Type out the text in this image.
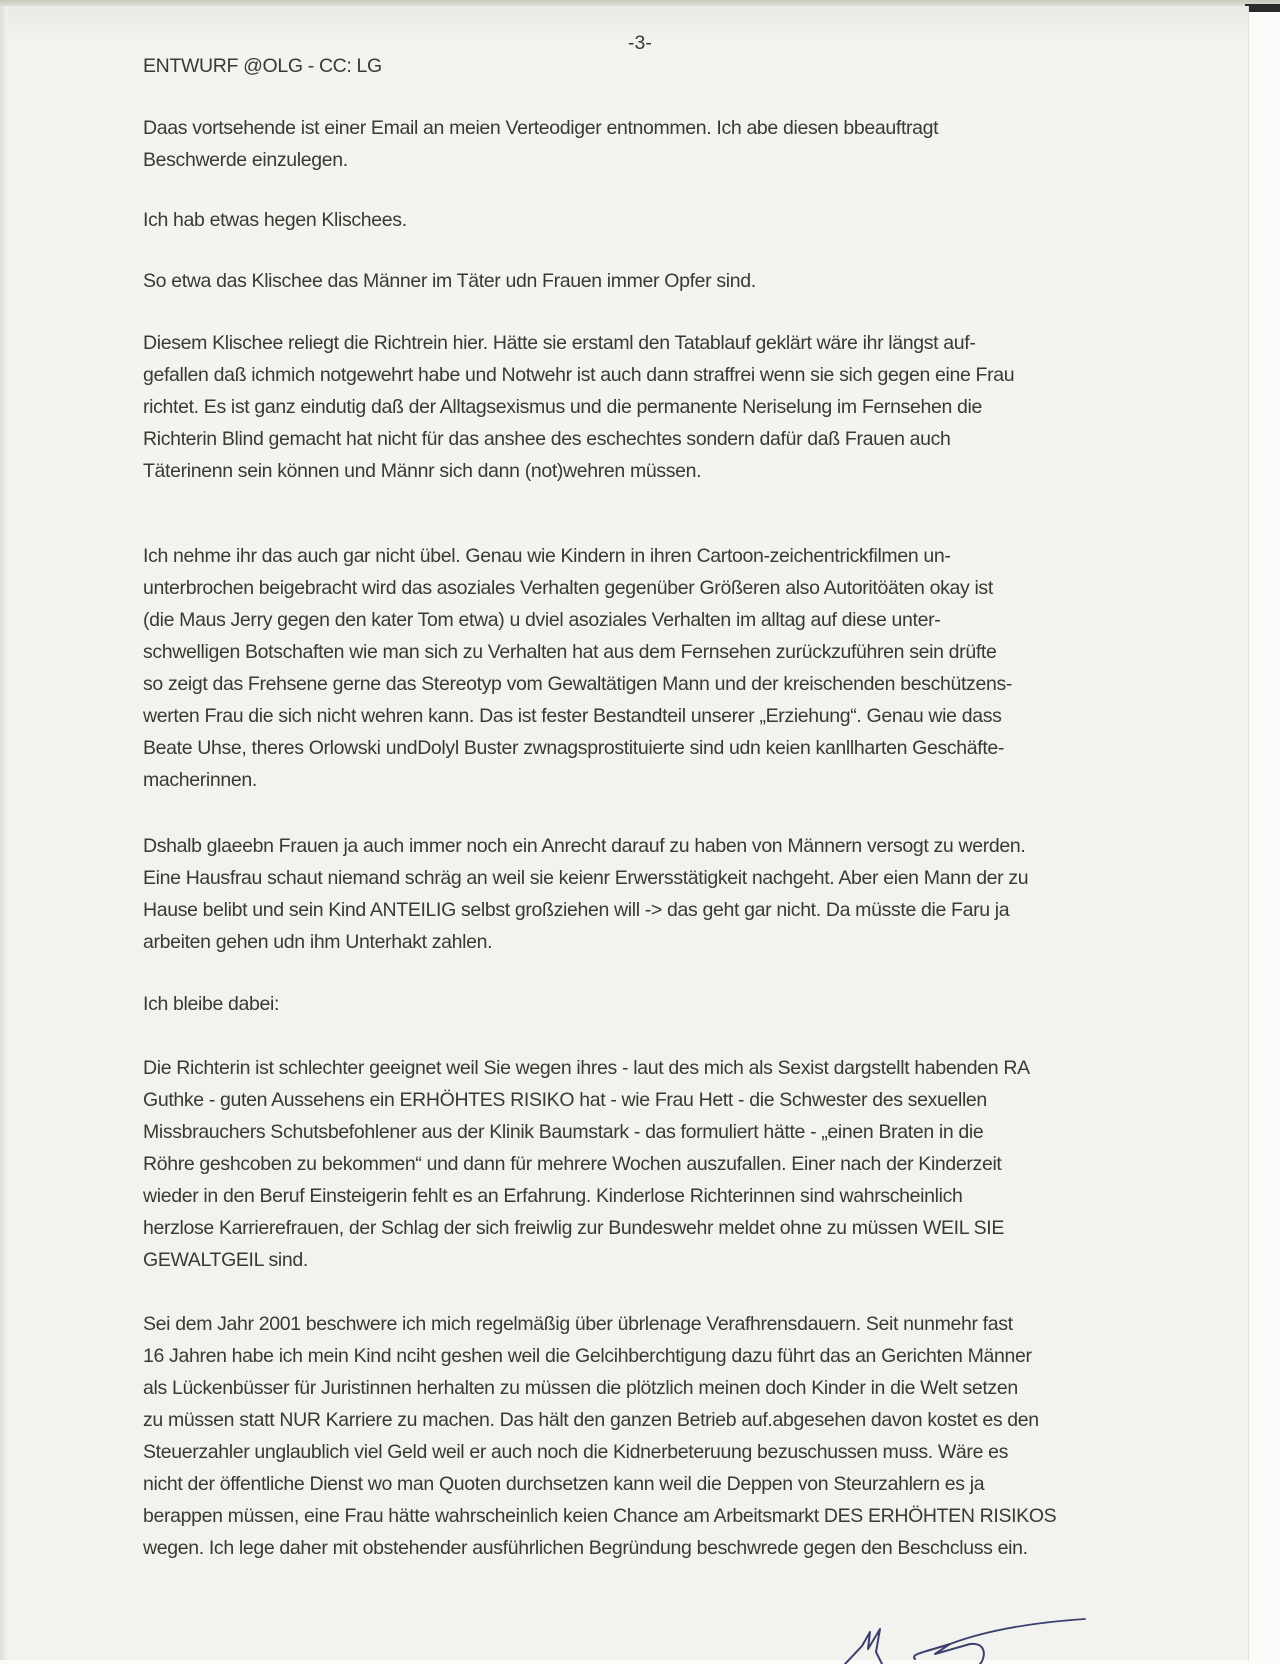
-3-
ENTWURF @OLG - CC: LG
Daas vortsehende ist einer Email an meien Verteodiger entnommen. Ich abe diesen bbeauftragt
Beschwerde einzulegen.
Ich hab etwas hegen Klischees.
So etwa das Klischee das Männer im Täter udn Frauen immer Opfer sind.
Diesem Klischee reliegt die Richtrein hier. Hätte sie erstaml den Tatablauf geklärt wäre ihr längst auf-
gefallen daß ichmich notgewehrt habe und Notwehr ist auch dann straffrei wenn sie sich gegen eine Frau
richtet. Es ist ganz eindutig daß der Alltagsexismus und die permanente Neriselung im Fernsehen die
Richterin Blind gemacht hat nicht für das anshee des eschechtes sondern dafür daß Frauen auch
Täterinenn sein können und Männr sich dann (not)wehren müssen.
Ich nehme ihr das auch gar nicht übel. Genau wie Kindern in ihren Cartoon-zeichentrickfilmen un-
unterbrochen beigebracht wird das asoziales Verhalten gegenüber Größeren also Autoritöäten okay ist
(die Maus Jerry gegen den kater Tom etwa) u dviel asoziales Verhalten im alltag auf diese unter-
schwelligen Botschaften wie man sich zu Verhalten hat aus dem Fernsehen zurückzuführen sein drüfte
so zeigt das Frehsene gerne das Stereotyp vom Gewaltätigen Mann und der kreischenden beschützens-
werten Frau die sich nicht wehren kann. Das ist fester Bestandteil unserer „Erziehung“. Genau wie dass
Beate Uhse, theres Orlowski undDolyl Buster zwnagsprostituierte sind udn keien kanllharten Geschäfte-
macherinnen.
Dshalb glaeebn Frauen ja auch immer noch ein Anrecht darauf zu haben von Männern versogt zu werden.
Eine Hausfrau schaut niemand schräg an weil sie keienr Erwersstätigkeit nachgeht. Aber eien Mann der zu
Hause belibt und sein Kind ANTEILIG selbst großziehen will -> das geht gar nicht. Da müsste die Faru ja
arbeiten gehen udn ihm Unterhakt zahlen.
Ich bleibe dabei:
Die Richterin ist schlechter geeignet weil Sie wegen ihres - laut des mich als Sexist dargstellt habenden RA
Guthke - guten Aussehens ein ERHÖHTES RISIKO hat - wie Frau Hett - die Schwester des sexuellen
Missbrauchers Schutsbefohlener aus der Klinik Baumstark - das formuliert hätte - „einen Braten in die
Röhre geshcoben zu bekommen“ und dann für mehrere Wochen auszufallen. Einer nach der Kinderzeit
wieder in den Beruf Einsteigerin fehlt es an Erfahrung. Kinderlose Richterinnen sind wahrscheinlich
herzlose Karrierefrauen, der Schlag der sich freiwlig zur Bundeswehr meldet ohne zu müssen WEIL SIE
GEWALTGEIL sind.
Sei dem Jahr 2001 beschwere ich mich regelmäßig über übrlenage Verafhrensdauern. Seit nunmehr fast
16 Jahren habe ich mein Kind nciht geshen weil die Gelcihberchtigung dazu führt das an Gerichten Männer
als Lückenbüsser für Juristinnen herhalten zu müssen die plötzlich meinen doch Kinder in die Welt setzen
zu müssen statt NUR Karriere zu machen. Das hält den ganzen Betrieb auf.abgesehen davon kostet es den
Steuerzahler unglaublich viel Geld weil er auch noch die Kidnerbeteruung bezuschussen muss. Wäre es
nicht der öffentliche Dienst wo man Quoten durchsetzen kann weil die Deppen von Steurzahlern es ja
berappen müssen, eine Frau hätte wahrscheinlich keien Chance am Arbeitsmarkt DES ERHÖHTEN RISIKOS
wegen. Ich lege daher mit obstehender ausführlichen Begründung beschwrede gegen den Beschcluss ein.
